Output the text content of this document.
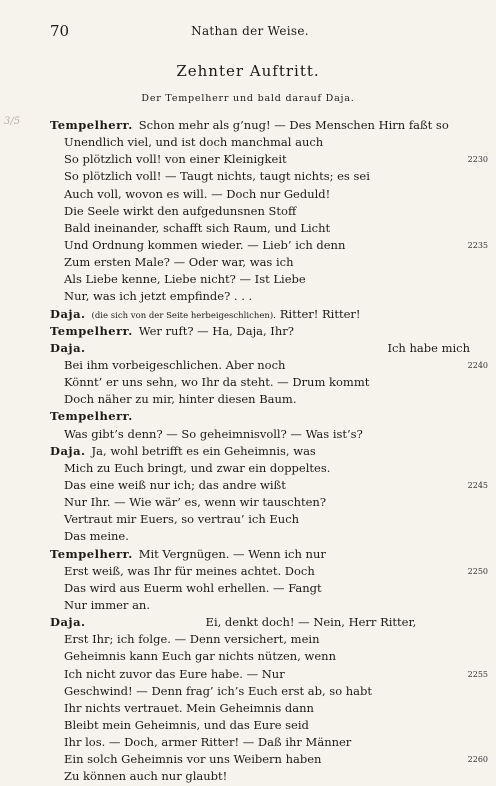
70	Nathan der Weise.
Zehnter Auftritt.
Der Tempelherr und bald darauf Daja.
3/5	Tempelherr. Schon mehr als g’nug! — Des Menschen Hirn faßt so
Unendlich viel, und ist doch manchmal auch
So plötzlich voll! von einer Kleinigkeit	2230
So plötzlich voll! — Taugt nichts, taugt nichts; es sei
Auch voll, wovon es will. — Doch nur Geduld!
Die Seele wirkt den aufgedunsnen Stoff
Bald ineinander, schafft sich Raum, und Licht
Und Ordnung kommen wieder. — Lieb’ ich denn	2235
Zum ersten Male? — Oder war, was ich
Als Liebe kenne, Liebe nicht? — Ist Liebe
Nur, was ich jetzt empfinde? . . .
Daja. (die sich von der Seite herbeigeschlichen). Ritter! Ritter!
Tempelherr. Wer ruft? — Ha, Daja, Ihr?
Daja.	Ich habe mich
Bei ihm vorbeigeschlichen. Aber noch	2240
Könnt’ er uns sehn, wo Ihr da steht. — Drum kommt
Doch näher zu mir, hinter diesen Baum.
Tempelherr.
Was gibt’s denn? — So geheimnisvoll? — Was ist’s?
Daja. Ja, wohl betrifft es ein Geheimnis, was
Mich zu Euch bringt, und zwar ein doppeltes.
Das eine weiß nur ich; das andre wißt	2245
Nur Ihr. — Wie wär’ es, wenn wir tauschten?
Vertraut mir Euers, so vertrau’ ich Euch
Das meine.
Tempelherr. Mit Vergnügen. — Wenn ich nur
Erst weiß, was Ihr für meines achtet. Doch	2250
Das wird aus Euerm wohl erhellen. — Fangt
Nur immer an.
Daja.	Ei, denkt doch! — Nein, Herr Ritter,
Erst Ihr; ich folge. — Denn versichert, mein
Geheimnis kann Euch gar nichts nützen, wenn
Ich nicht zuvor das Eure habe. — Nur	2255
Geschwind! — Denn frag’ ich’s Euch erst ab, so habt
Ihr nichts vertrauet. Mein Geheimnis dann
Bleibt mein Geheimnis, und das Eure seid
Ihr los. — Doch, armer Ritter! — Daß ihr Männer
Ein solch Geheimnis vor uns Weibern haben	2260
Zu können auch nur glaubt!
